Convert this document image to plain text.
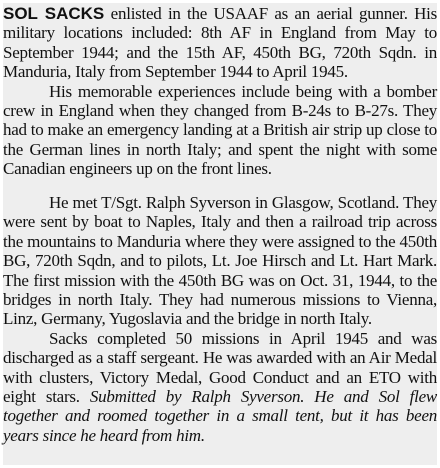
SOL SACKS enlisted in the USAAF as an aerial gunner. His military locations included: 8th AF in England from May to September 1944; and the 15th AF, 450th BG, 720th Sqdn. in Manduria, Italy from September 1944 to April 1945.

His memorable experiences include being with a bomber crew in England when they changed from B-24s to B-27s. They had to make an emergency landing at a British air strip up close to the German lines in north Italy; and spent the night with some Canadian engineers up on the front lines.

He met T/Sgt. Ralph Syverson in Glasgow, Scotland. They were sent by boat to Naples, Italy and then a railroad trip across the mountains to Manduria where they were assigned to the 450th BG, 720th Sqdn, and to pilots, Lt. Joe Hirsch and Lt. Hart Mark. The first mission with the 450th BG was on Oct. 31, 1944, to the bridges in north Italy. They had numerous missions to Vienna, Linz, Germany, Yugoslavia and the bridge in north Italy.

Sacks completed 50 missions in April 1945 and was discharged as a staff sergeant. He was awarded with an Air Medal with clusters, Victory Medal, Good Conduct and an ETO with eight stars. Submitted by Ralph Syverson. He and Sol flew together and roomed together in a small tent, but it has been years since he heard from him.
